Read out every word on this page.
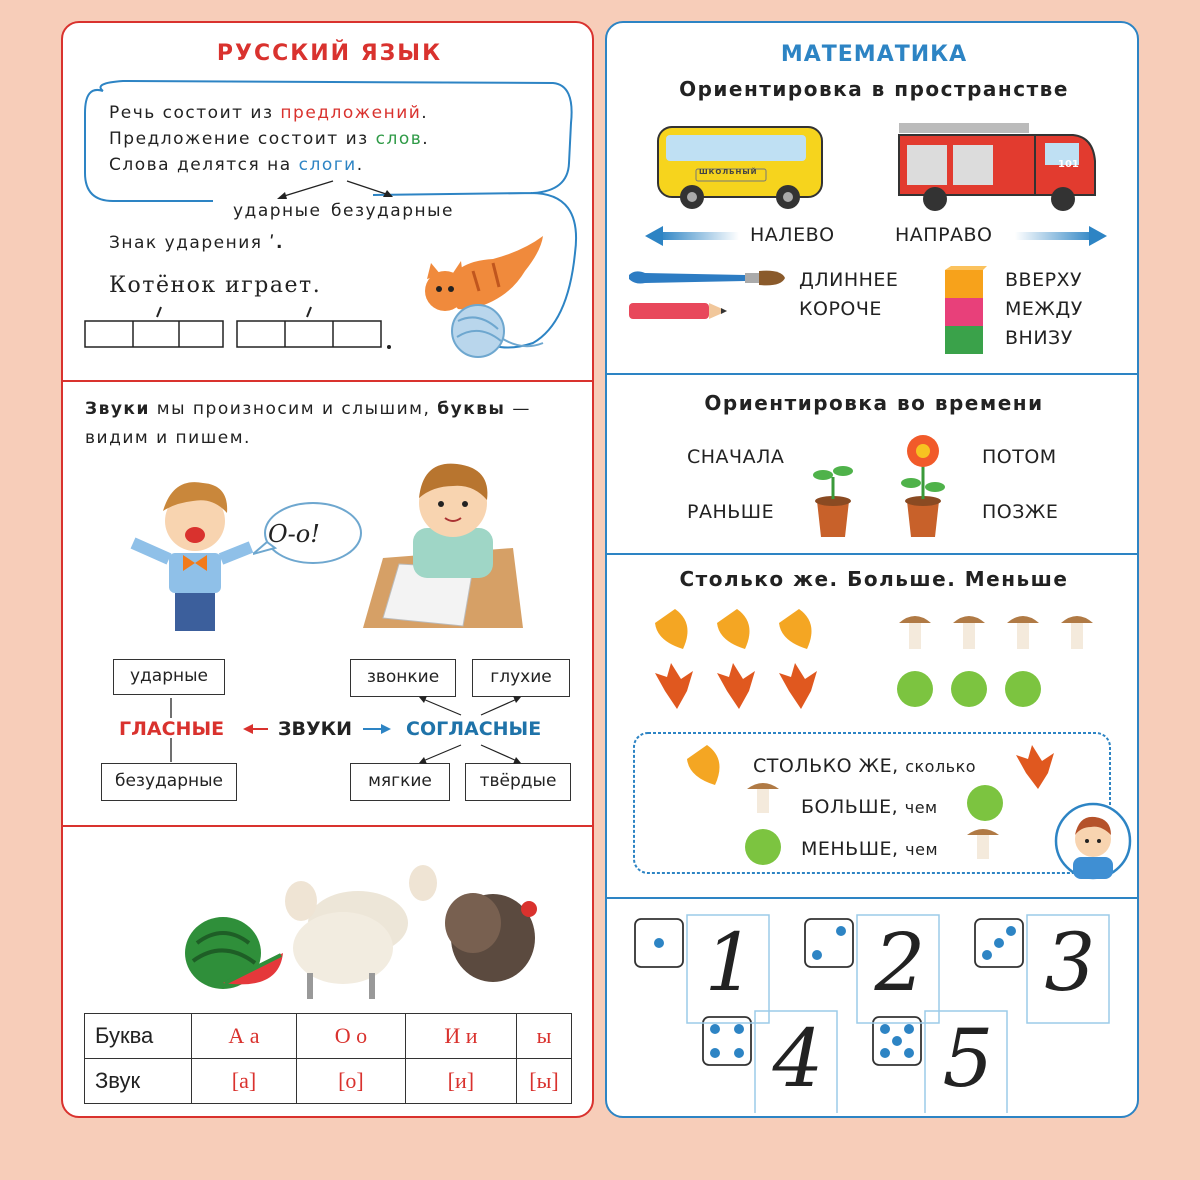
РУССКИЙ ЯЗЫК
Речь состоит из предложений.
Предложение состоит из слов.
Слова делятся на слоги.
ударные безударные
Знак ударения ʹ.
Котёнок играет.
Звуки мы произносим и слышим, буквы —
видим и пишем.
О-о!
ударные
безударные
звонкие	глухие
мягкие	твёрдые
ГЛАСНЫЕ	ЗВУКИ	СОГЛАСНЫЕ
Буква	А а	О о	И и	ы
Звук	[а]	[о]	[и]	[ы]
МАТЕМАТИКА
Ориентировка в пространстве
ШКОЛЬНЫЙ
101
НАЛЕВО	НАПРАВО
ДЛИННЕЕ
КОРОЧЕ
ВВЕРХУ
МЕЖДУ
ВНИЗУ
Ориентировка во времени
СНАЧАЛА
РАНЬШЕ
ПОТОМ
ПОЗЖЕ
Столько же. Больше. Меньше
СТОЛЬКО ЖЕ, сколько
БОЛЬШЕ, чем
МЕНЬШЕ, чем
1 2 3
4 5
